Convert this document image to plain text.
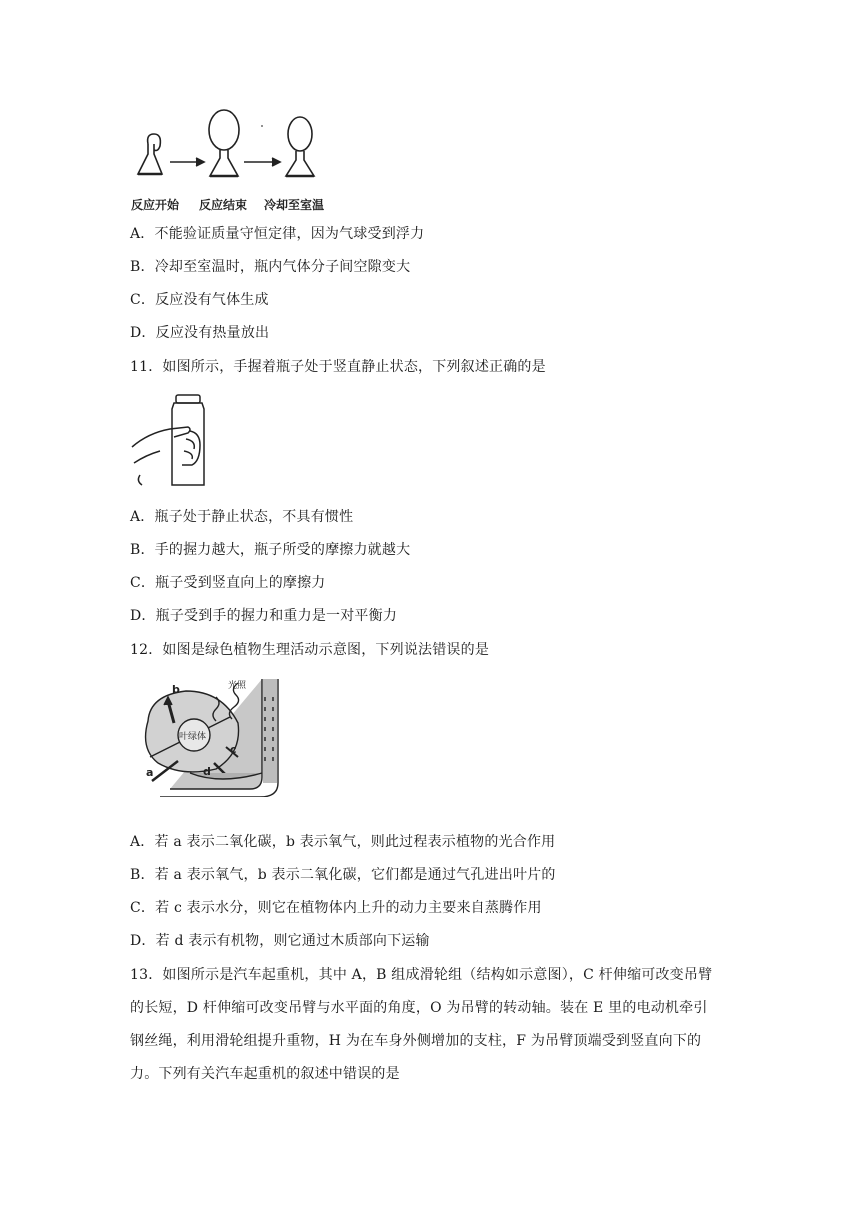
反应开始 反应结束 冷却至室温
A．不能验证质量守恒定律，因为气球受到浮力
B．冷却至室温时，瓶内气体分子间空隙变大
C．反应没有气体生成
D．反应没有热量放出
11．如图所示，手握着瓶子处于竖直静止状态，下列叙述正确的是
A．瓶子处于静止状态，不具有惯性
B．手的握力越大，瓶子所受的摩擦力就越大
C．瓶子受到竖直向上的摩擦力
D．瓶子受到手的握力和重力是一对平衡力
12．如图是绿色植物生理活动示意图，下列说法错误的是
b	光照
叶绿体
c
d
a
A．若 a 表示二氧化碳，b 表示氧气，则此过程表示植物的光合作用
B．若 a 表示氧气，b 表示二氧化碳，它们都是通过气孔进出叶片的
C．若 c 表示水分，则它在植物体内上升的动力主要来自蒸腾作用
D．若 d 表示有机物，则它通过木质部向下运输
13．如图所示是汽车起重机，其中 A，B 组成滑轮组（结构如示意图），C 杆伸缩可改变吊臂
的长短，D 杆伸缩可改变吊臂与水平面的角度，O 为吊臂的转动轴。装在 E 里的电动机牵引
钢丝绳，利用滑轮组提升重物，H 为在车身外侧增加的支柱，F 为吊臂顶端受到竖直向下的
力。下列有关汽车起重机的叙述中错误的是
